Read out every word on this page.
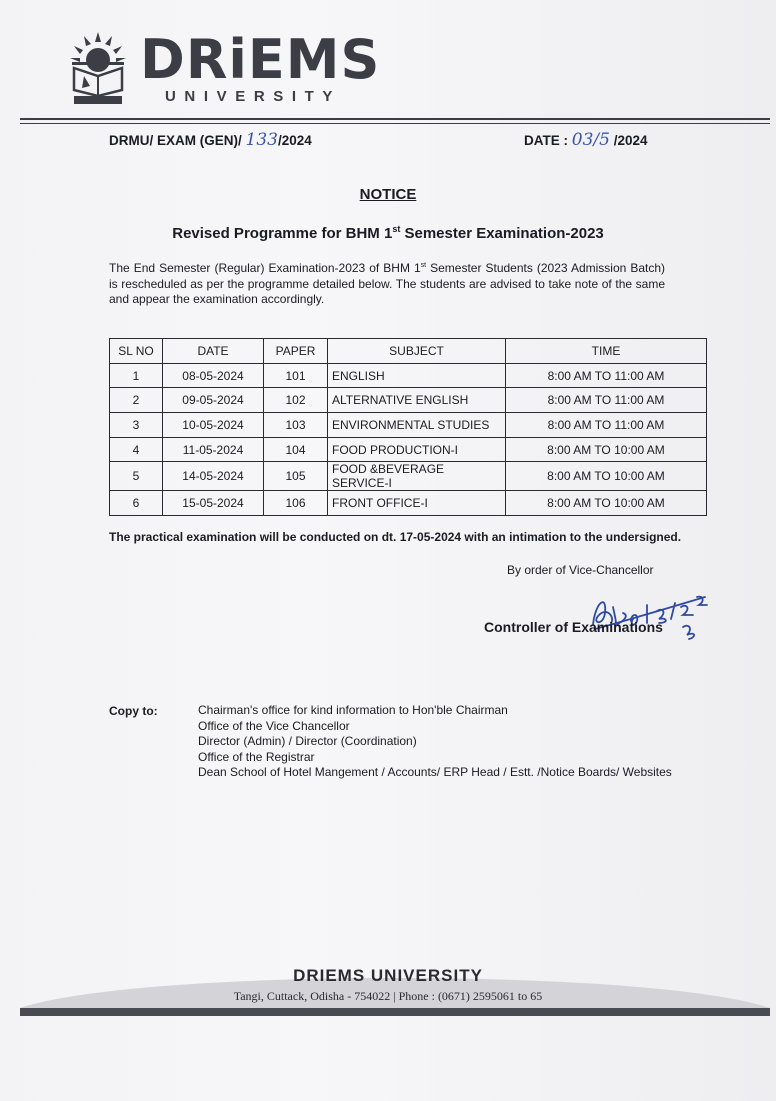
DRiEMS
UNIVERSITY
DRMU/ EXAM (GEN)/ 133/2024	DATE : 03/5 /2024
NOTICE
Revised Programme for BHM 1st Semester Examination-2023
The End Semester (Regular) Examination-2023 of BHM 1st Semester Students (2023 Admission Batch) is rescheduled as per the programme detailed below. The students are advised to take note of the same and appear the examination accordingly.
SL NO	DATE	PAPER	SUBJECT	TIME
1	08-05-2024	101	ENGLISH	8:00 AM TO 11:00 AM
2	09-05-2024	102	ALTERNATIVE ENGLISH	8:00 AM TO 11:00 AM
3	10-05-2024	103	ENVIRONMENTAL STUDIES	8:00 AM TO 11:00 AM
4	11-05-2024	104	FOOD PRODUCTION-I	8:00 AM TO 10:00 AM
5	14-05-2024	105	FOOD &BEVERAGE SERVICE-I	8:00 AM TO 10:00 AM
6	15-05-2024	106	FRONT OFFICE-I	8:00 AM TO 10:00 AM
The practical examination will be conducted on dt. 17-05-2024 with an intimation to the undersigned.
By order of Vice-Chancellor
Controller of Examinations
Copy to:	Chairman's office for kind information to Hon'ble Chairman
Office of the Vice Chancellor
Director (Admin) / Director (Coordination)
Office of the Registrar
Dean School of Hotel Mangement / Accounts/ ERP Head / Estt. /Notice Boards/ Websites
DRIEMS UNIVERSITY
Tangi, Cuttack, Odisha - 754022 | Phone : (0671) 2595061 to 65
